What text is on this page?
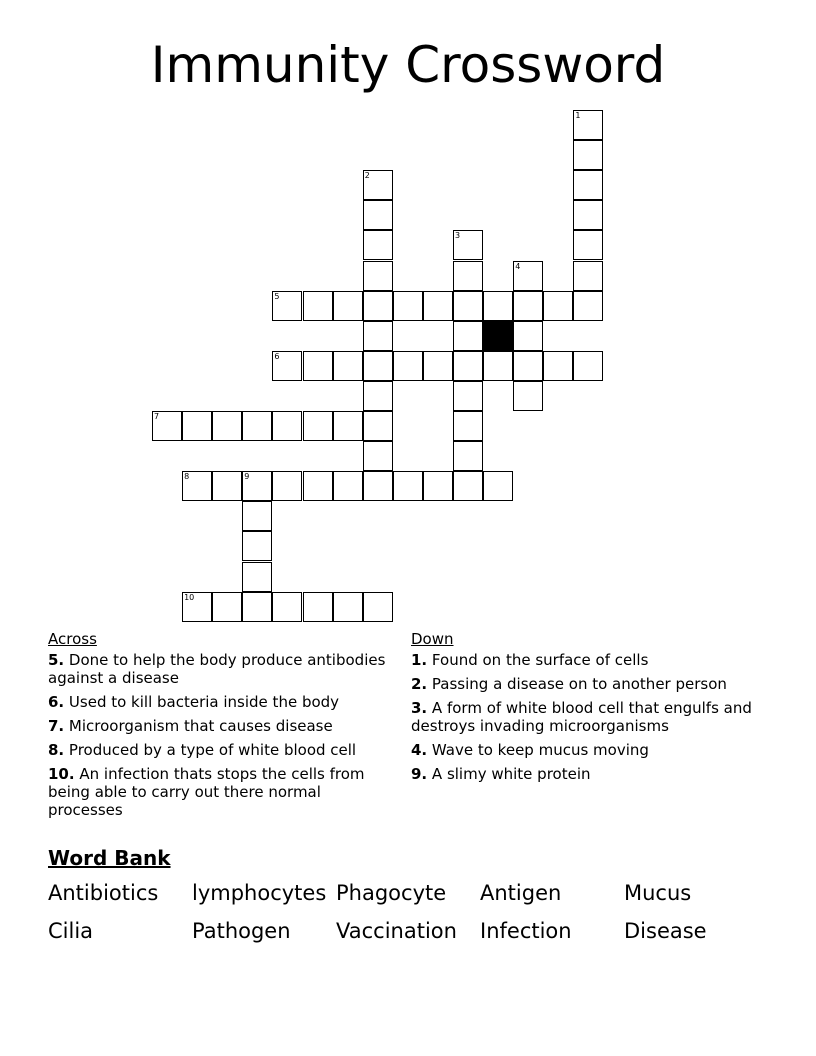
Immunity Crossword
1
2
3
4
5
6
7
8	9
10
Across
5. Done to help the body produce antibodies against a disease
6. Used to kill bacteria inside the body
7. Microorganism that causes disease
8. Produced by a type of white blood cell
10. An infection thats stops the cells from being able to carry out there normal processes
Down
1. Found on the surface of cells
2. Passing a disease on to another person
3. A form of white blood cell that engulfs and destroys invading microorganisms
4. Wave to keep mucus moving
9. A slimy white protein
Word Bank
Antibiotics lymphocytes Phagocyte Antigen	Mucus
Cilia	Pathogen Vaccination Infection Disease
